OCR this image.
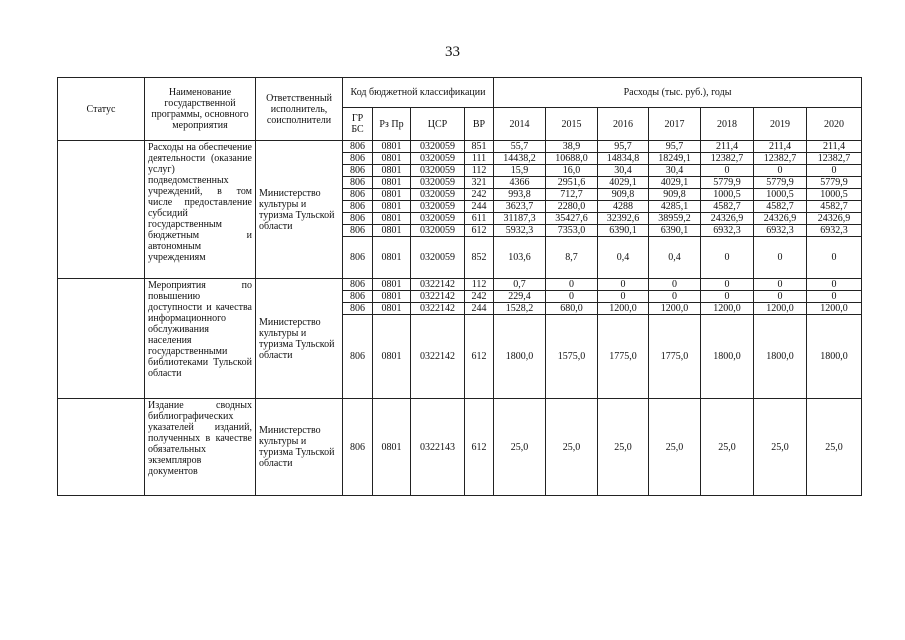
33
Статус	Наименование государственной программы, основного мероприятия	Ответственный исполнитель, соисполнители	Код бюджетной классификации				Расходы (тыс. руб.), годы						
			ГР БС	Рз Пр	ЦСР	ВР	2014	2015	2016	2017	2018	2019	2020
	Расходы на обеспечение деятельности (оказание услуг) подведомственных учреждений, в том числе предоставление субсидий государственным бюджетным и автономным учреждениям	Министерство культуры и туризма Тульской области	806	0801	0320059	851	55,7	38,9	95,7	95,7	211,4	211,4	211,4
			806	0801	0320059	111	14438,2	10688,0	14834,8	18249,1	12382,7	12382,7	12382,7
			806	0801	0320059	112	15,9	16,0	30,4	30,4	0	0	0
			806	0801	0320059	321	4366	2951,6	4029,1	4029,1	5779,9	5779,9	5779,9
			806	0801	0320059	242	993,8	712,7	909,8	909,8	1000,5	1000,5	1000,5
			806	0801	0320059	244	3623,7	2280,0	4288	4285,1	4582,7	4582,7	4582,7
			806	0801	0320059	611	31187,3	35427,6	32392,6	38959,2	24326,9	24326,9	24326,9
			806	0801	0320059	612	5932,3	7353,0	6390,1	6390,1	6932,3	6932,3	6932,3
			806	0801	0320059	852	103,6	8,7	0,4	0,4	0	0	0
	Мероприятия по повышению доступности и качества информационного обслуживания населения государственными библиотеками Тульской области	Министерство культуры и туризма Тульской области	806	0801	0322142	112	0,7	0	0	0	0	0	0
			806	0801	0322142	242	229,4	0	0	0	0	0	0
			806	0801	0322142	244	1528,2	680,0	1200,0	1200,0	1200,0	1200,0	1200,0
			806	0801	0322142	612	1800,0	1575,0	1775,0	1775,0	1800,0	1800,0	1800,0
	Издание сводных библиографических указателей изданий, полученных в качестве обязательных экземпляров документов	Министерство культуры и туризма Тульской области	806	0801	0322143	612	25,0	25,0	25,0	25,0	25,0	25,0	25,0
